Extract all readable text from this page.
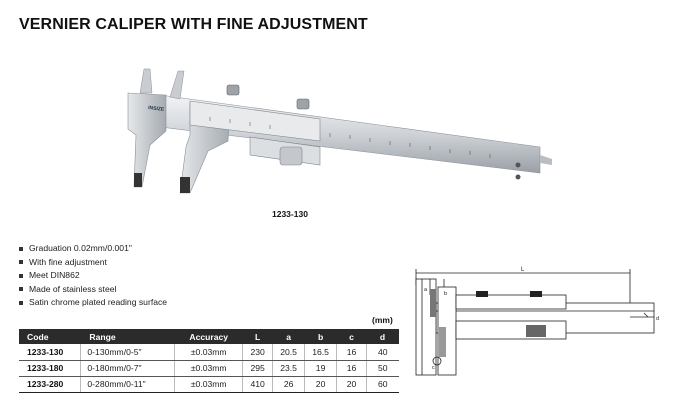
VERNIER CALIPER WITH FINE ADJUSTMENT
INSIZE
1233-130
Graduation 0.02mm/0.001"
With fine adjustment
Meet DIN862
Made of stainless steel
Satin chrome plated reading surface
(mm)
Code	Range	Accuracy	L	a	b	c	d
1233-130	0-130mm/0-5"	±0.03mm	230	20.5	16.5	16	40
1233-180	0-180mm/0-7"	±0.03mm	295	23.5	19	16	50
1233-280	0-280mm/0-11"	±0.03mm	410	26	20	20	60
L
a
b
c
d
